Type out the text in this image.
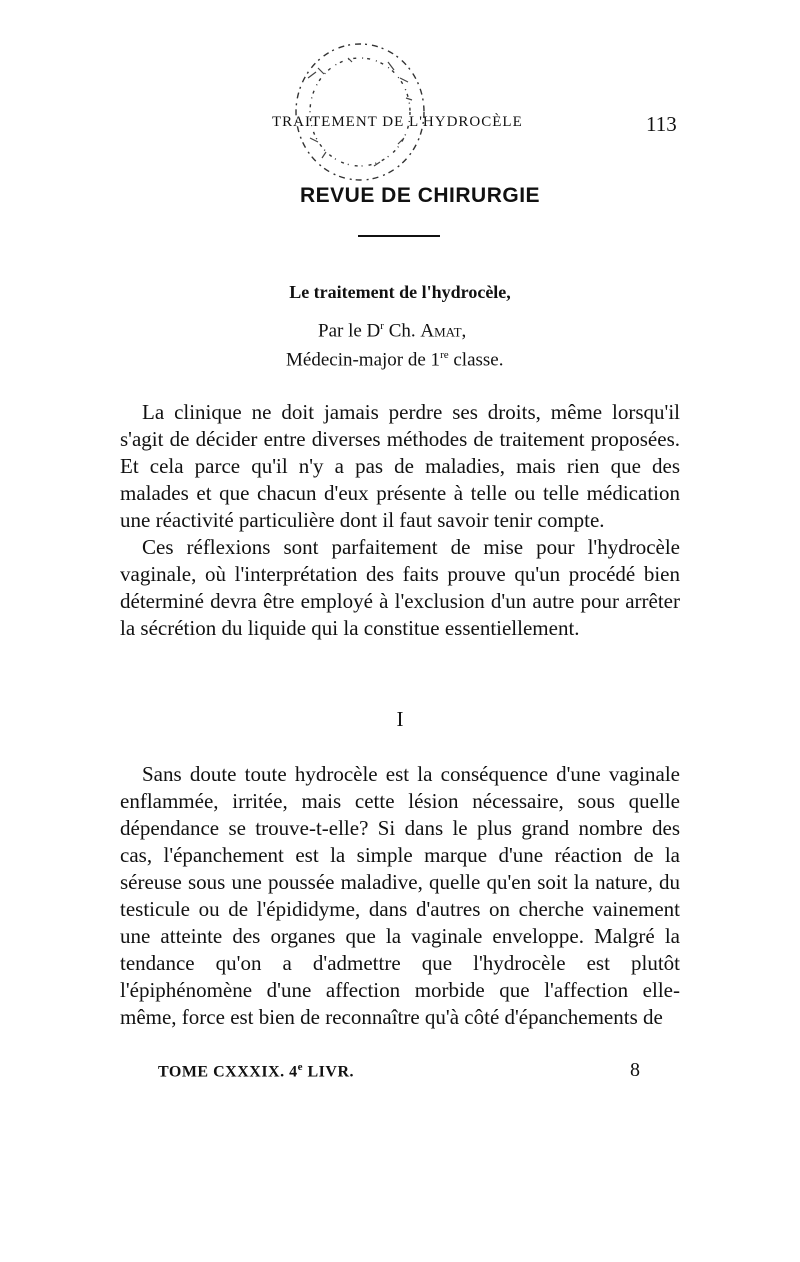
TRAITEMENT DE L'HYDROCÈLE	113
REVUE DE CHIRURGIE
Le traitement de l'hydrocèle,
Par le $D^r$ Ch. Amat,
Médecin-major de 1re classe.

La clinique ne doit jamais perdre ses droits, même lorsqu'il s'agit de décider entre diverses méthodes de traitement proposées. Et cela parce qu'il n'y a pas de maladies, mais rien que des malades et que chacun d'eux présente à telle ou telle médication une réactivité particulière dont il faut savoir tenir compte.

Ces réflexions sont parfaitement de mise pour l'hydrocèle vaginale, où l'interprétation des faits prouve qu'un procédé bien déterminé devra être employé à l'exclusion d'un autre pour arrêter la sécrétion du liquide qui la constitue essentiellement.

I

Sans doute toute hydrocèle est la conséquence d'une vaginale enflammée, irritée, mais cette lésion nécessaire, sous quelle dépendance se trouve-t-elle? Si dans le plus grand nombre des cas, l'épanchement est la simple marque d'une réaction de la séreuse sous une poussée maladive, quelle qu'en soit la nature, du testicule ou de l'épididyme, dans d'autres on cherche vainement une atteinte des organes que la vaginale enveloppe. Malgré la tendance qu'on a d'admettre que l'hydrocèle est plutôt l'épiphénomène d'une affection morbide que l'affection elle-même, force est bien de reconnaître qu'à côté d'épanchements de

TOME CXXXIX. 4e LIVR.	8
